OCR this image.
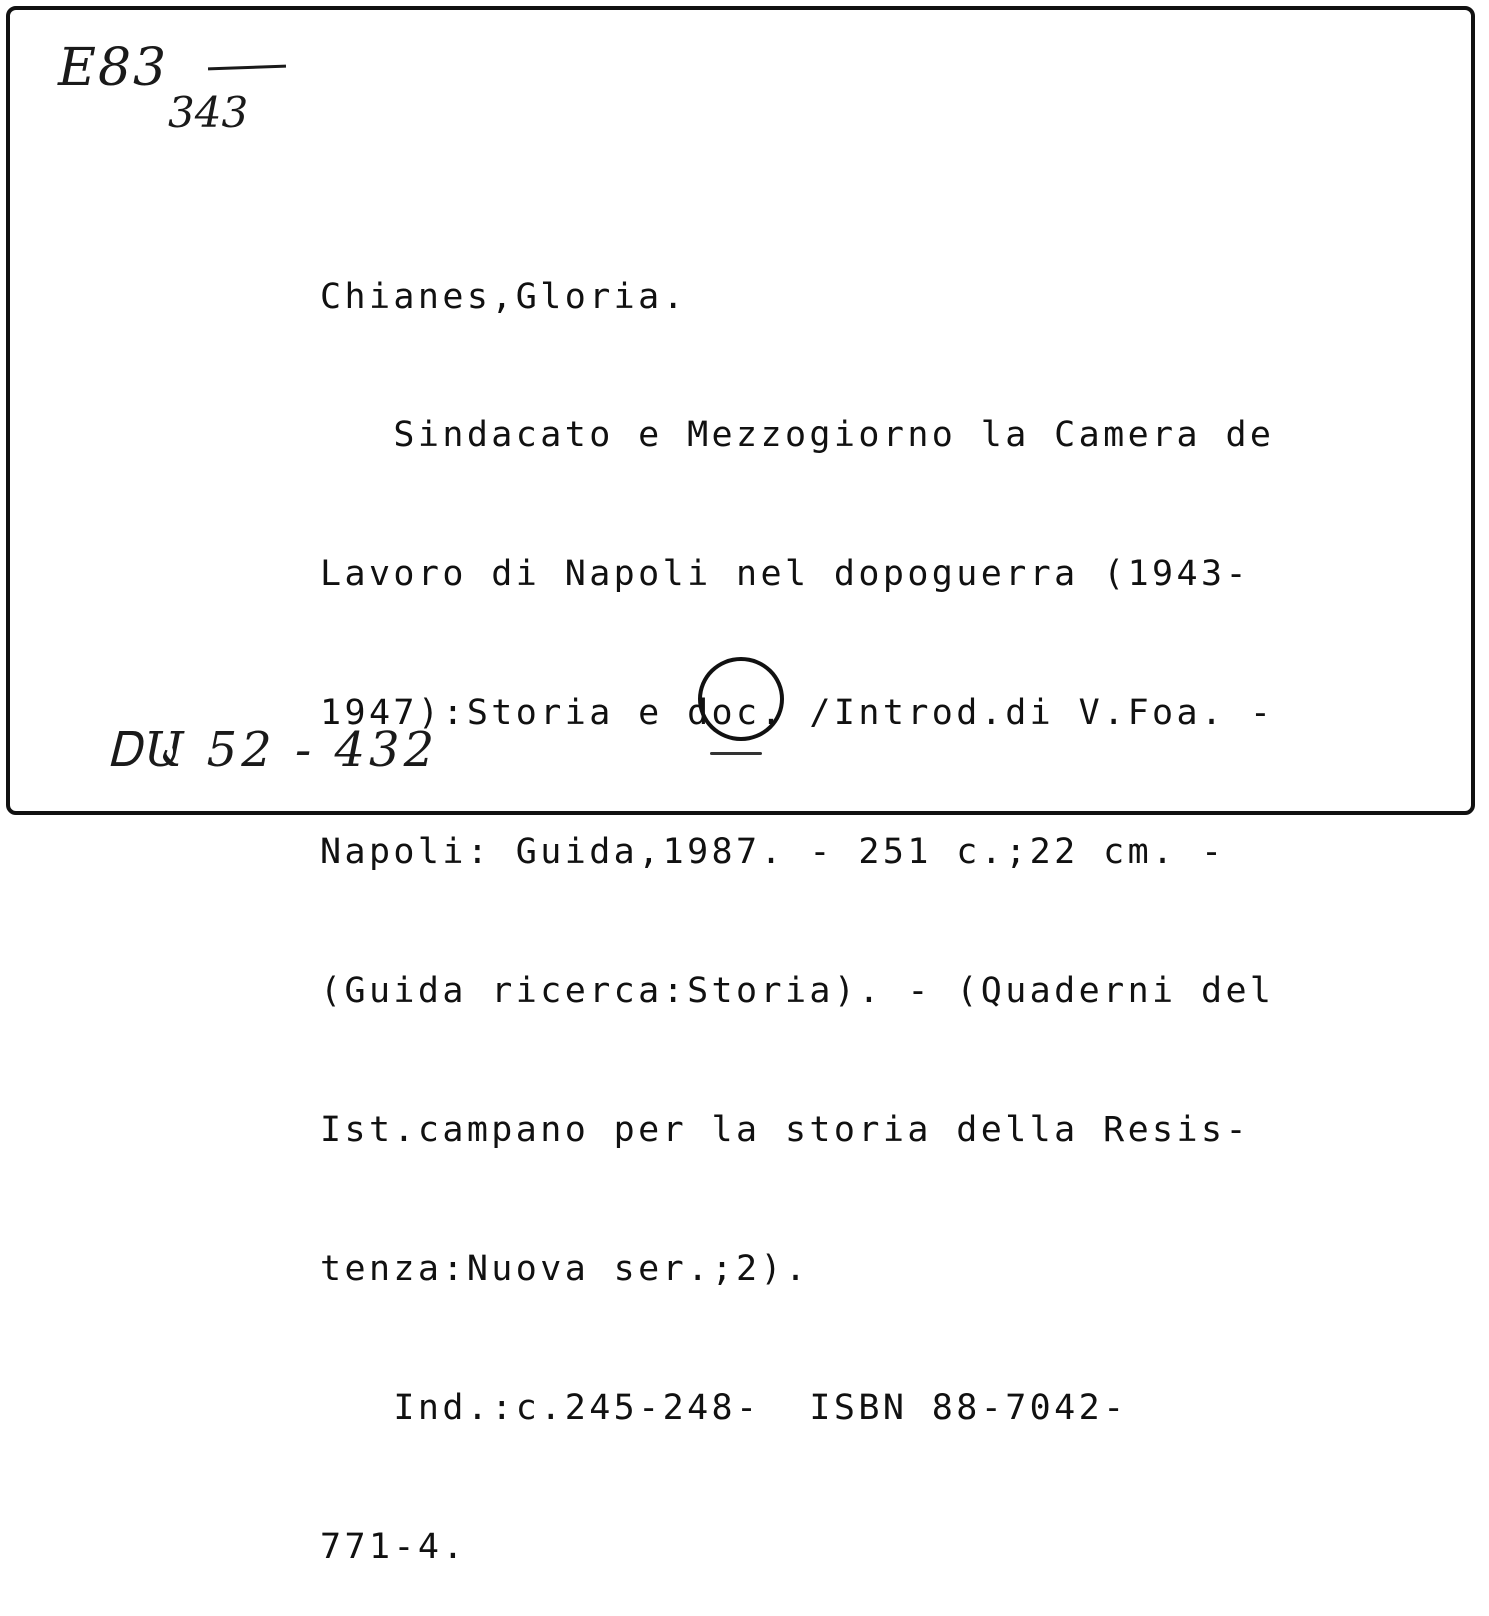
E83
343

Chianes,Gloria.

Sindacato e Mezzogiorno la Camera de

Lavoro di Napoli nel dopoguerra (1943-

1947):Storia e doc. /Introd.di V.Foa. -

Napoli: Guida,1987. - 251 c.;22 cm. -

(Guida ricerca:Storia). - (Quaderni del

Ist.campano per la storia della Resis-

tenza:Nuova ser.;2).

Ind.:c.245-248-  ISBN 88-7042-

771-4.

ᎠԱ 52 - 432
